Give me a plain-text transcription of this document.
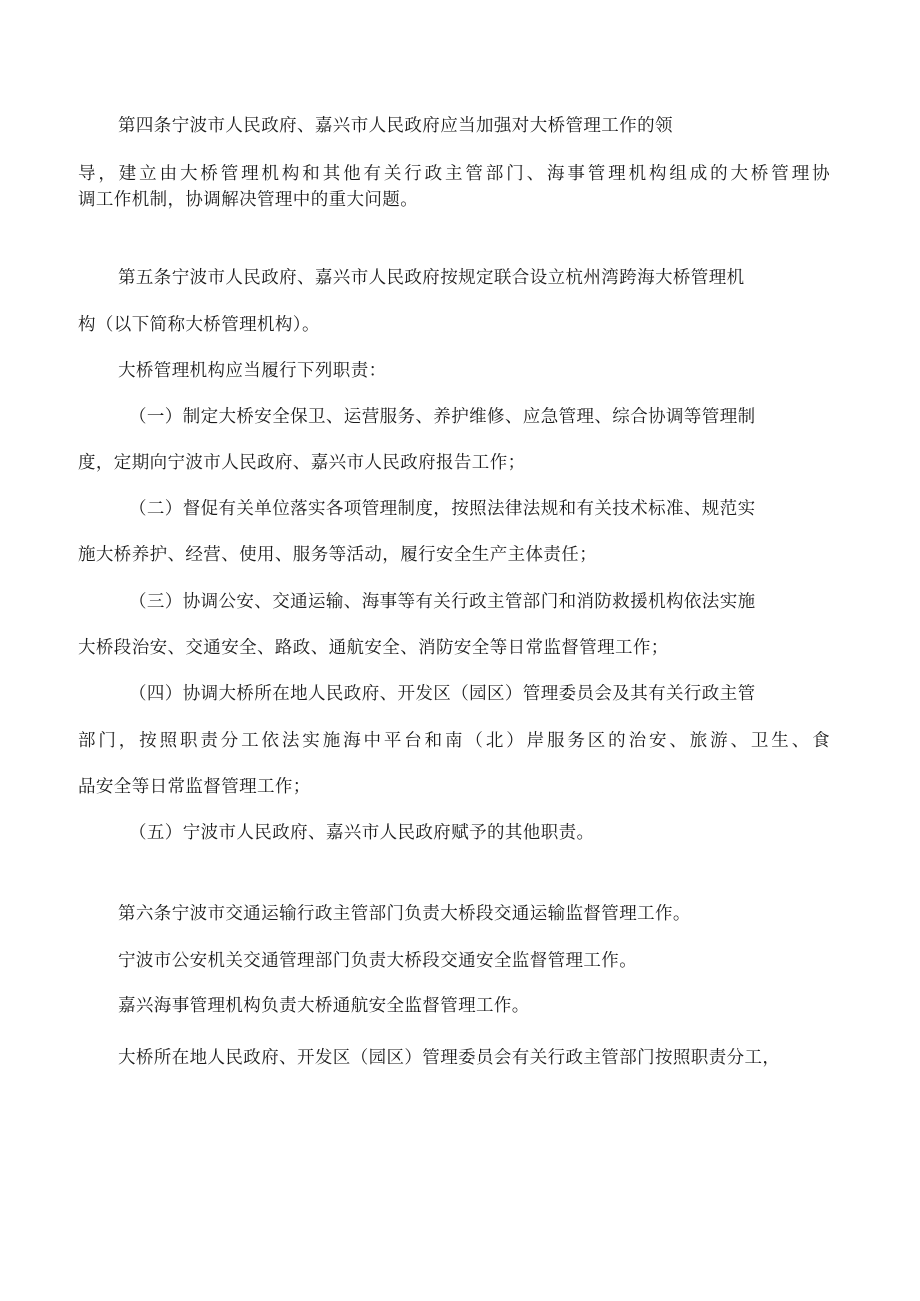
第四条宁波市人民政府、嘉兴市人民政府应当加强对大桥管理工作的领
导，建立由大桥管理机构和其他有关行政主管部门、海事管理机构组成的大桥管理协
调工作机制，协调解决管理中的重大问题。
第五条宁波市人民政府、嘉兴市人民政府按规定联合设立杭州湾跨海大桥管理机
构（以下简称大桥管理机构）。
大桥管理机构应当履行下列职责：
（一）制定大桥安全保卫、运营服务、养护维修、应急管理、综合协调等管理制
度，定期向宁波市人民政府、嘉兴市人民政府报告工作；
（二）督促有关单位落实各项管理制度，按照法律法规和有关技术标准、规范实
施大桥养护、经营、使用、服务等活动，履行安全生产主体责任；
（三）协调公安、交通运输、海事等有关行政主管部门和消防救援机构依法实施
大桥段治安、交通安全、路政、通航安全、消防安全等日常监督管理工作；
（四）协调大桥所在地人民政府、开发区（园区）管理委员会及其有关行政主管
部门，按照职责分工依法实施海中平台和南（北）岸服务区的治安、旅游、卫生、食
品安全等日常监督管理工作；
（五）宁波市人民政府、嘉兴市人民政府赋予的其他职责。
第六条宁波市交通运输行政主管部门负责大桥段交通运输监督管理工作。
宁波市公安机关交通管理部门负责大桥段交通安全监督管理工作。
嘉兴海事管理机构负责大桥通航安全监督管理工作。
大桥所在地人民政府、开发区（园区）管理委员会有关行政主管部门按照职责分工，
